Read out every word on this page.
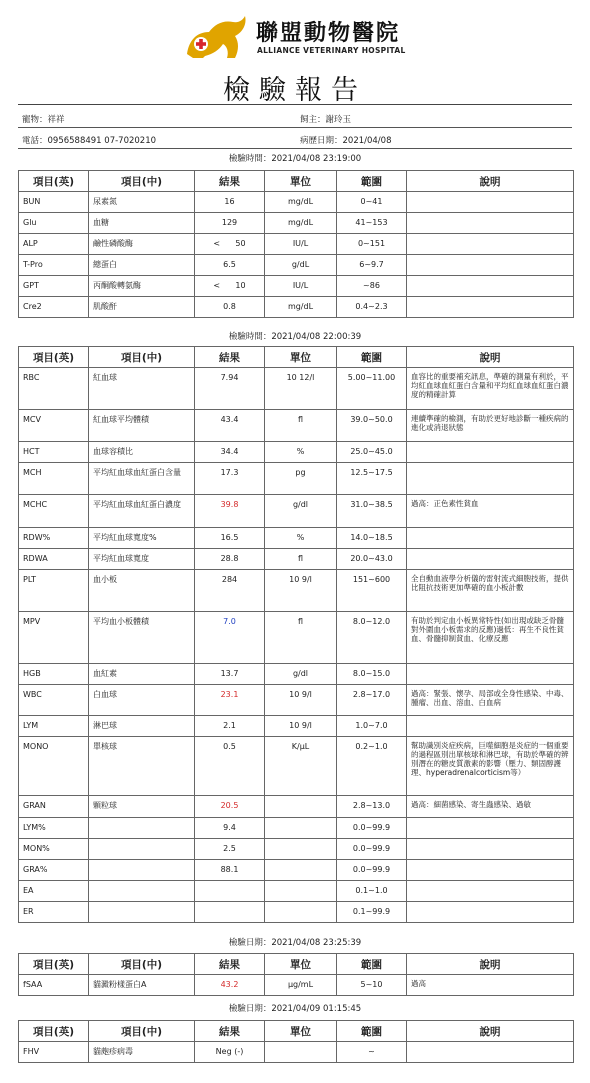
聯盟動物醫院
ALLIANCE VETERINARY HOSPITAL
檢驗報告
寵物：祥祥	飼主：謝玲玉
電話：0956588491 07-7020210	病歷日期：2021/04/08
檢驗時間：2021/04/08 23:19:00
項目(英)	項目(中)	結果	單位	範圍	說明
BUN	尿素氮	16	mg/dL	0~41	
Glu	血糖	129	mg/dL	41~153	
ALP	鹼性磷酸酶	< 50	IU/L	0~151	
T-Pro	總蛋白	6.5	g/dL	6~9.7	
GPT	丙酮酸轉氨酶	< 10	IU/L	~86	
Cre2	肌酸酐	0.8	mg/dL	0.4~2.3	
檢驗時間：2021/04/08 22:00:39
項目(英)	項目(中)	結果	單位	範圍	說明
RBC	紅血球	7.94	10 12/l	5.00~11.00	血容比的重要補充訊息，準確的測量有利於，平均紅血球血紅蛋白含量和平均紅血球血紅蛋白濃度的精確計算
MCV	紅血球平均體積	43.4	fl	39.0~50.0	連續準確的檢測，有助於更好地診斷一種疾病的進化或消退狀態
HCT	血球容積比	34.4	%	25.0~45.0	
MCH	平均紅血球血紅蛋白含量	17.3	pg	12.5~17.5	
MCHC	平均紅血球血紅蛋白濃度	39.8	g/dl	31.0~38.5	過高：正色素性貧血
RDW%	平均紅血球寬度%	16.5	%	14.0~18.5	
RDWA	平均紅血球寬度	28.8	fl	20.0~43.0	
PLT	血小板	284	10 9/l	151~600	全自動血液學分析儀的雷射流式細胞技術，提供比阻抗技術更加準確的血小板計數
MPV	平均血小板體積	7.0	fl	8.0~12.0	有助於判定血小板異常特性(如出現或缺乏骨髓對外圍血小板需求的反應)過低：再生不良性貧血、骨髓抑制貧血、化療反應
HGB	血紅素	13.7	g/dl	8.0~15.0	
WBC	白血球	23.1	10 9/l	2.8~17.0	過高：緊張、懷孕、局部或全身性感染、中毒、腫瘤、出血、溶血、白血病
LYM	淋巴球	2.1	10 9/l	1.0~7.0	
MONO	單核球	0.5	K/μL	0.2~1.0	幫助識別炎症疾病，巨噬細胞是炎症的一個重要的過程區別出單核球和淋巴球，有助於準確的辨別潛在的糖皮質激素的影響（壓力、類固醇護理、hyperadrenalcorticism等）
GRAN	顆粒球	20.5		2.8~13.0	過高：細菌感染、寄生蟲感染、過敏
LYM%		9.4		0.0~99.9	
MON%		2.5		0.0~99.9	
GRA%		88.1		0.0~99.9	
EA				0.1~1.0	
ER				0.1~99.9	
檢驗日期：2021/04/08 23:25:39
項目(英)	項目(中)	結果	單位	範圍	說明
fSAA	貓澱粉樣蛋白A	43.2	μg/mL	5~10	過高
檢驗日期：2021/04/09 01:15:45
項目(英)	項目(中)	結果	單位	範圍	說明
FHV	貓皰疹病毒	Neg (-)		~	
